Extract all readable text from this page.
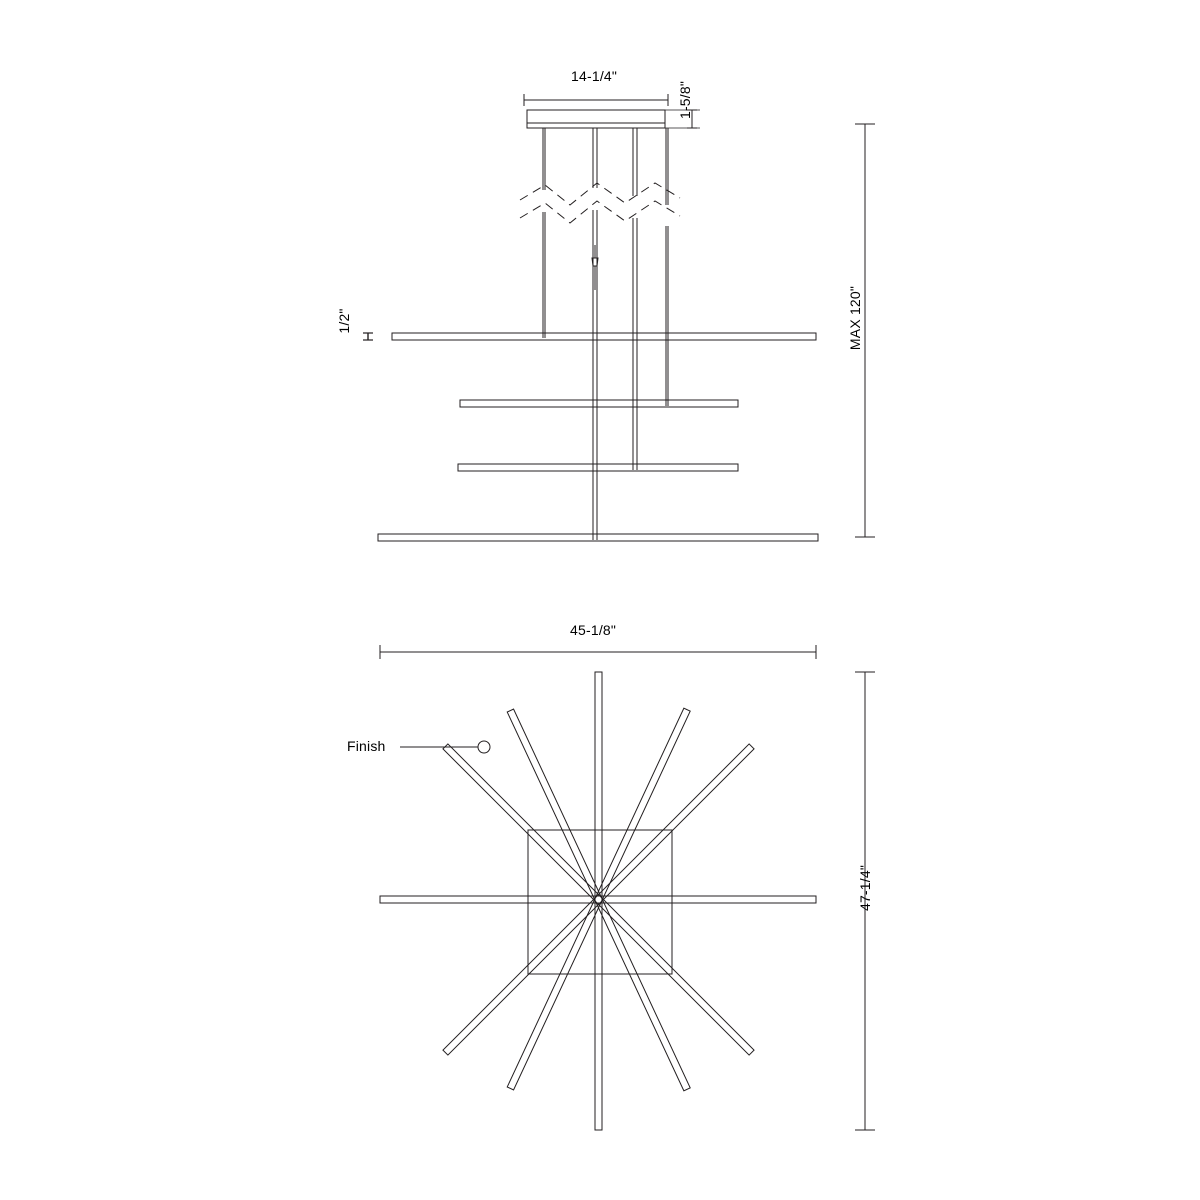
14-1/4"
1-5/8"
1/2"	MAX 120"
45-1/8"
47-1/4"
Finish
